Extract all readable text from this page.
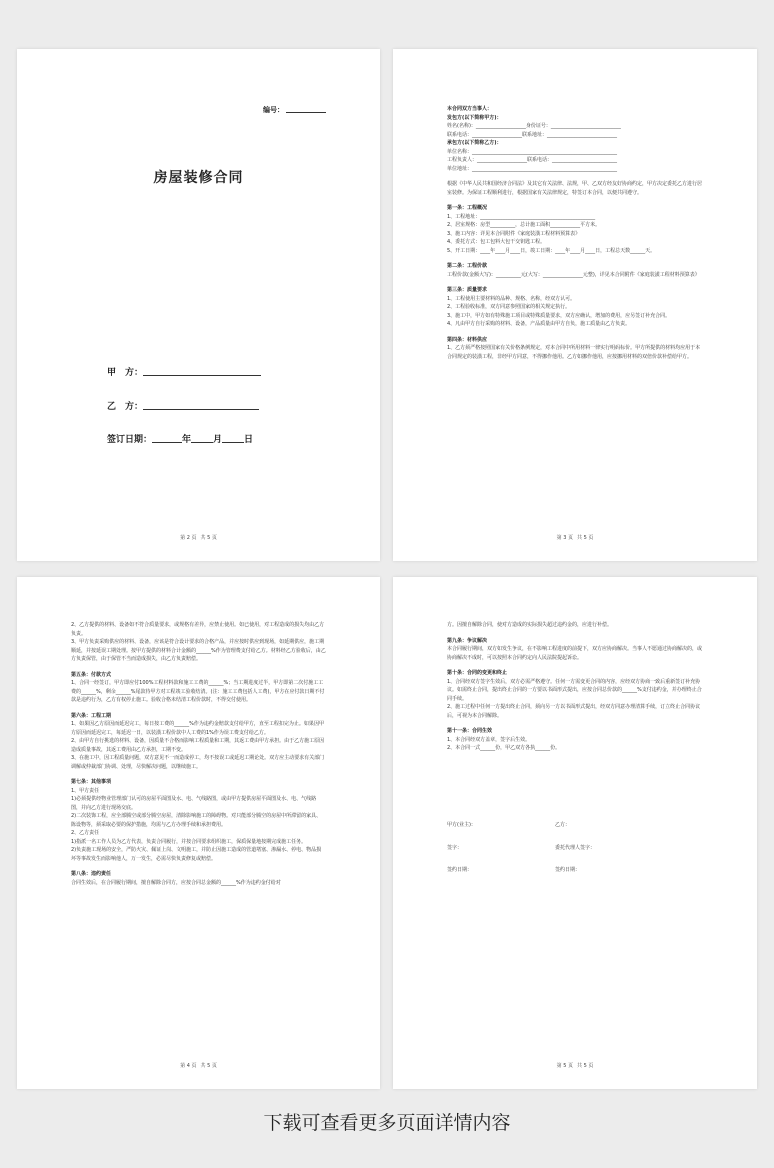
编号：
房屋装修合同
甲　方：
乙　方：
签订日期：	年 月 日
第 2 页 共 5 页

本合同双方当事人：

发包方(以下简称甲方)：

姓名(名称)：____________________身份证号：____________________________

联系电话：____________________联系地址：____________________________

承包方(以下简称乙方)：

单位名称：__________________________________________________________

工程负责人：____________________联系电话：__________________________

单位地址：__________________________________________________________

根据《中华人民共和国经济合同法》及其它有关法律、法规，甲、乙双方经友好协商约定，甲方决定委托乙方进行居室装修。为保证工程顺利进行，根据国家有关法律规定，特签订本合同，以便共同遵守。

第一条：工程概况

1、工程地址：______________________________________________

2、居室规格：房型__________，总计施工面积____________平方米。

3、施工内容：详见本合同附件《家庭装潢工程材料预算表》

4、委托方式：包工包料大包干交钥匙工程。

5、开工日期：____年____月____日，竣工日期：____年____月____日，工程总天数______天。

第二条：工程价款

工程价款(金额大写)：__________元(大写：________________元整)，详见本合同附件《家庭装潢工程材料预算表》

第三条：质量要求

1、工程使用主要材料的品种、规格、名称，经双方认可。

2、工程验收标准，双方同意参照国家的相关规定执行。

3、施工中，甲方如有特殊施工项目或特殊质量要求，双方应确认，增加的费用，应另签订补充合同。

4、凡由甲方自行采购的材料、设备，产品质量由甲方自负，施工质量由乙方负责。

第四条：材料供应

1、乙方须严格按照国家有关价格条例规定，对本合同中所用材料一律实行明码标价。甲方所提供的材料均应用于本合同规定的装潢工程，非经甲方同意，不得挪作他用。乙方如挪作他用，应按挪用材料的双倍价款补偿给甲方。

第 3 页 共 5 页

2、乙方提供的材料、设备如不符合质量要求，或规格有差异，应禁止使用。如已使用，对工程造成的损失均由乙方负责。

3、甲方负责采购供应的材料、设备，应该是符合设计要求的合格产品，并应按时供应到现场，如延期供应，施工期顺延，并按延误工期处理。按甲方提供的材料合计金额的______%作为管理费支付给乙方。材料经乙方验收后，由乙方负责保管，由于保管不当而造成损失，由乙方负责赔偿。

第五条：付款方式

1、合同一经签订，甲方即应付100%工程材料款和施工工费的______%；当工期进度过半，甲方即第二次付施工工费的______%，剩余______%尾款待甲方对工程竣工验收结清。(注：施工工费包括人工费)，甲方在应付款日期不付款是违约行为，乙方有权停止施工。验收合格未结清工程价款时，不得交付使用。

第六条：工程工期

1、如果因乙方原因而延迟完工，每日按工费的______%作为违约金赔款支付给甲方，直至工程扣完为止。如果因甲方原因而延迟完工，每延迟一日，以装潢工程价款中人工费的1%作为误工费支付给乙方。

2、由甲方自行挑选的材料、设备，因质量不合格而影响工程质量和工期，其返工费由甲方承担。由于乙方施工原因造成质量事故，其返工费用由乙方承担，工期不变。

3、在施工中，因工程质量问题，双方意见不一而造成停工，均不按误工或延迟工期论处。双方应主动要求有关部门调解或仲裁部门协调、处理，尽快解决问题，以继续施工。

第七条：其他事项

1、甲方责任

1)必须提供经物业管理部门认可的房屋平面图及水、电、气线路图，或由甲方提供房屋平面图及水、电、气线路图，并向乙方进行现场交底。

2)二次装饰工程，应全部腾空或部分腾空房屋，清除影响施工的障碍物。对只能部分腾空的房屋中所滞留的家具、陈设物等，须采取必要的保护措施，均需与乙方办理手续和承担费用。

2、乙方责任

1)指派一名工作人员为乙方代表，负责合同履行，并按合同要求组织施工，保质保量地按期完成施工任务。

2)负责施工现场的安全，严防火灾、佩证上岗、文明施工，并防止因施工造成的管道堵塞、渗漏水、停电、物品损坏等事故发生而影响他人，万一发生，必需尽快负责修复或赔偿。

第八条：违约责任

合同生效后，在合同履行期间，擅自解除合同方，应按合同总金额的______%作为违约金付给对

第 4 页 共 5 页

方。因擅自解除合同，使对方造成的实际损失超过违约金的，应进行补偿。

第九条：争议解决

本合同履行期间，双方如发生争议，在不影响工程进度的前提下，双方应协商解决。当事人不愿通过协商解决的，或协商解决不成时，可以按照本合同约定向人民法院提起诉讼。

第十条：合同的变更和终止

1、合同经双方签字生效后，双方必需严格遵守。任何一方需变更合同的内容，应经双方协商一致后重新签订补充协议。如需终止合同，提出终止合同的一方要以书面形式提出，应按合同总价款的______%支付违约金，并办理终止合同手续。

2、施工过程中任何一方提出终止合同，须向另一方以书面形式提出，经双方同意办理清算手续，订立终止合同协议后，可视为本合同解除。

第十一条：合同生效

1、本合同经双方盖章，签字后生效。

2、本合同一式______份，甲乙双方各执______份。

甲方(业主)：	乙方：

签字：	委托代理人签字：

签约日期：	签约日期：

第 5 页 共 5 页
下载可查看更多页面详情内容
